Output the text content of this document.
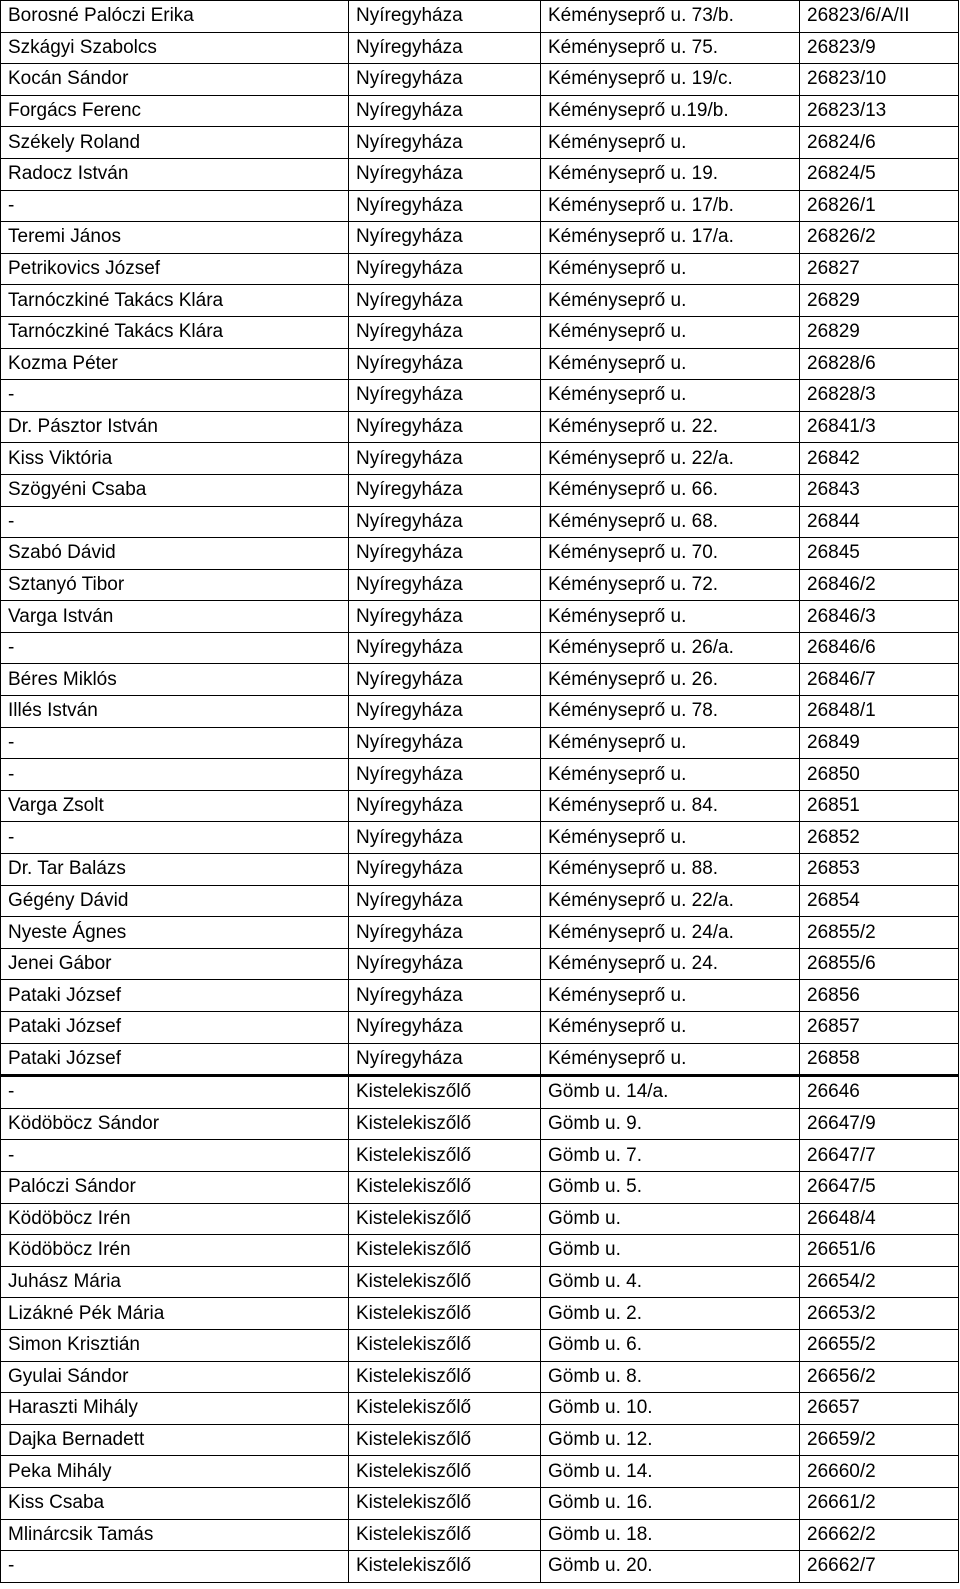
Borosné Palóczi Erika	Nyíregyháza	Kéményseprő u. 73/b.	26823/6/A/II
Szkágyi Szabolcs	Nyíregyháza	Kéményseprő u. 75.	26823/9
Kocán Sándor	Nyíregyháza	Kéményseprő u. 19/c.	26823/10
Forgács Ferenc	Nyíregyháza	Kéményseprő u.19/b.	26823/13
Székely Roland	Nyíregyháza	Kéményseprő u.	26824/6
Radocz István	Nyíregyháza	Kéményseprő u. 19.	26824/5
-	Nyíregyháza	Kéményseprő u. 17/b.	26826/1
Teremi János	Nyíregyháza	Kéményseprő u. 17/a.	26826/2
Petrikovics József	Nyíregyháza	Kéményseprő u.	26827
Tarnóczkiné Takács Klára	Nyíregyháza	Kéményseprő u.	26829
Tarnóczkiné Takács Klára	Nyíregyháza	Kéményseprő u.	26829
Kozma Péter	Nyíregyháza	Kéményseprő u.	26828/6
-	Nyíregyháza	Kéményseprő u.	26828/3
Dr. Pásztor István	Nyíregyháza	Kéményseprő u. 22.	26841/3
Kiss Viktória	Nyíregyháza	Kéményseprő u. 22/a.	26842
Szögyéni Csaba	Nyíregyháza	Kéményseprő u. 66.	26843
-	Nyíregyháza	Kéményseprő u. 68.	26844
Szabó Dávid	Nyíregyháza	Kéményseprő u. 70.	26845
Sztanyó Tibor	Nyíregyháza	Kéményseprő u. 72.	26846/2
Varga István	Nyíregyháza	Kéményseprő u.	26846/3
-	Nyíregyháza	Kéményseprő u. 26/a.	26846/6
Béres Miklós	Nyíregyháza	Kéményseprő u. 26.	26846/7
Illés István	Nyíregyháza	Kéményseprő u. 78.	26848/1
-	Nyíregyháza	Kéményseprő u.	26849
-	Nyíregyháza	Kéményseprő u.	26850
Varga Zsolt	Nyíregyháza	Kéményseprő u. 84.	26851
-	Nyíregyháza	Kéményseprő u.	26852
Dr. Tar Balázs	Nyíregyháza	Kéményseprő u. 88.	26853
Gégény Dávid	Nyíregyháza	Kéményseprő u. 22/a.	26854
Nyeste Ágnes	Nyíregyháza	Kéményseprő u. 24/a.	26855/2
Jenei Gábor	Nyíregyháza	Kéményseprő u. 24.	26855/6
Pataki József	Nyíregyháza	Kéményseprő u.	26856
Pataki József	Nyíregyháza	Kéményseprő u.	26857
Pataki József	Nyíregyháza	Kéményseprő u.	26858
-	Kistelekiszőlő	Gömb u. 14/a.	26646
Ködöböcz Sándor	Kistelekiszőlő	Gömb u. 9.	26647/9
-	Kistelekiszőlő	Gömb u. 7.	26647/7
Palóczi Sándor	Kistelekiszőlő	Gömb u. 5.	26647/5
Ködöböcz Irén	Kistelekiszőlő	Gömb u.	26648/4
Ködöböcz Irén	Kistelekiszőlő	Gömb u.	26651/6
Juhász Mária	Kistelekiszőlő	Gömb u. 4.	26654/2
Lizákné Pék Mária	Kistelekiszőlő	Gömb u. 2.	26653/2
Simon Krisztián	Kistelekiszőlő	Gömb u. 6.	26655/2
Gyulai Sándor	Kistelekiszőlő	Gömb u. 8.	26656/2
Haraszti Mihály	Kistelekiszőlő	Gömb u. 10.	26657
Dajka Bernadett	Kistelekiszőlő	Gömb u. 12.	26659/2
Peka Mihály	Kistelekiszőlő	Gömb u. 14.	26660/2
Kiss Csaba	Kistelekiszőlő	Gömb u. 16.	26661/2
Mlinárcsik Tamás	Kistelekiszőlő	Gömb u. 18.	26662/2
-	Kistelekiszőlő	Gömb u. 20.	26662/7
